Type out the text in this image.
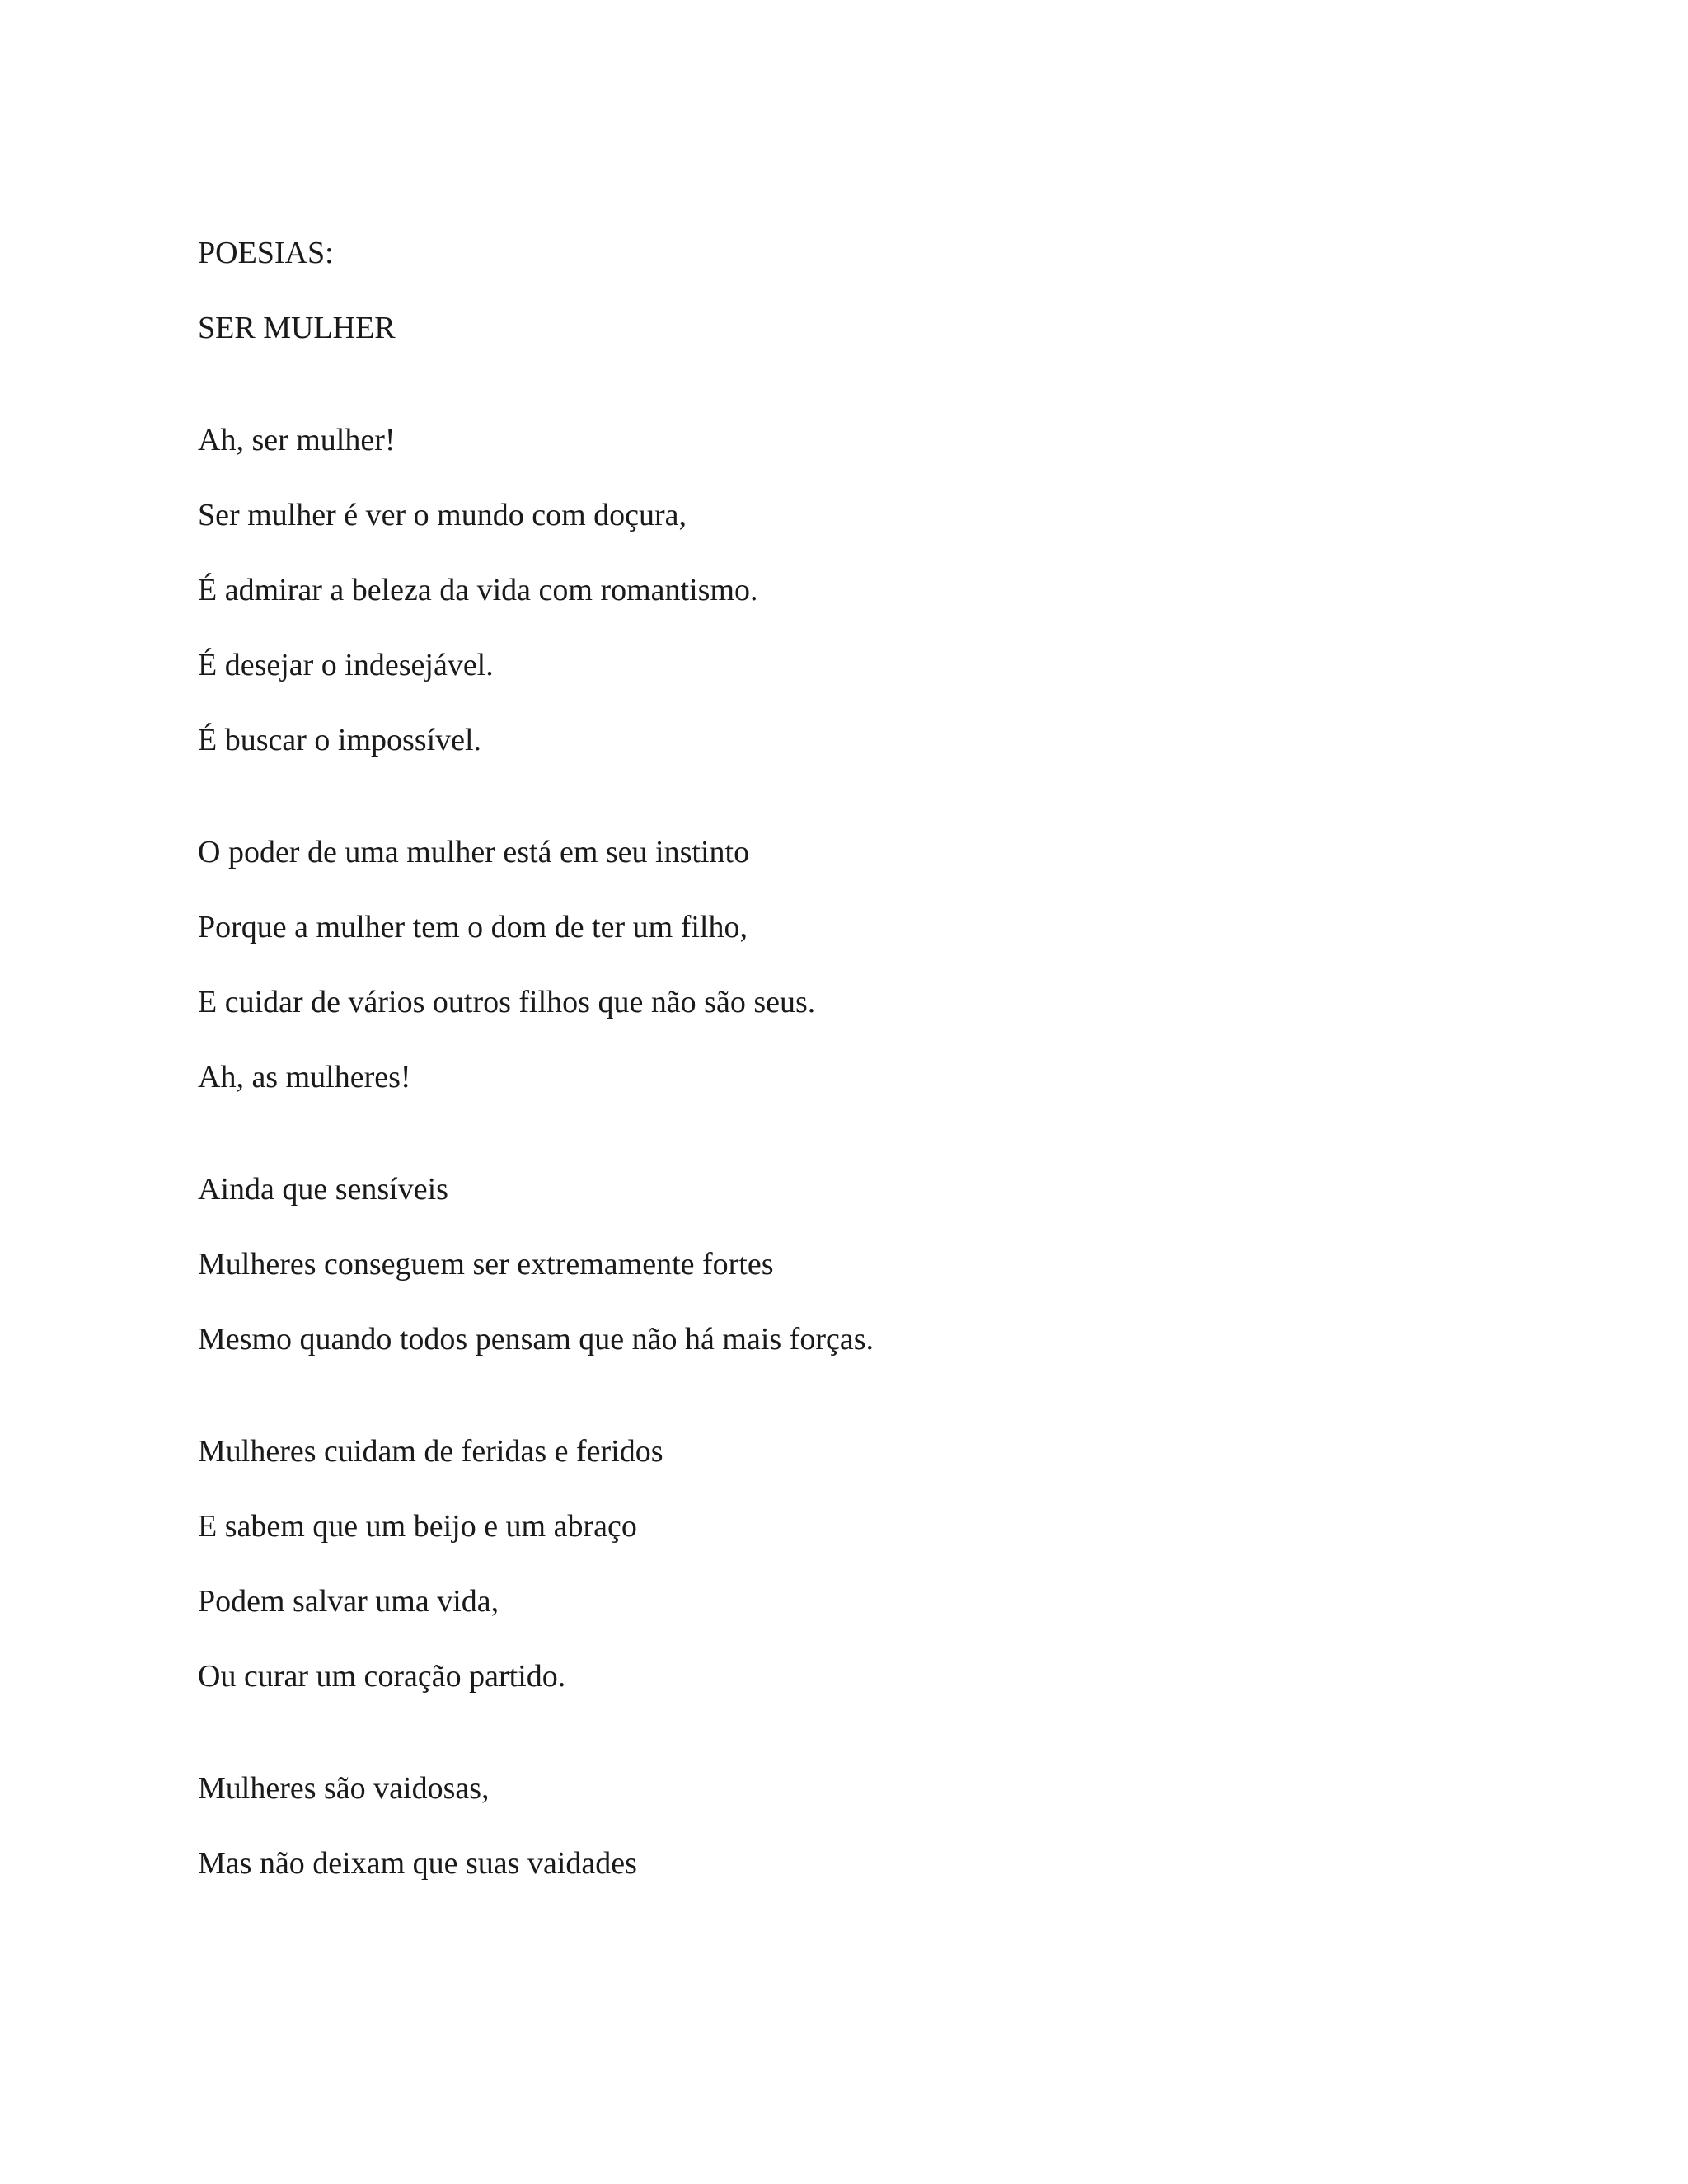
POESIAS:
SER MULHER

Ah, ser mulher!

Ser mulher é ver o mundo com doçura,

É admirar a beleza da vida com romantismo.

É desejar o indesejável.

É buscar o impossível.

O poder de uma mulher está em seu instinto

Porque a mulher tem o dom de ter um filho,

E cuidar de vários outros filhos que não são seus.

Ah, as mulheres!

Ainda que sensíveis

Mulheres conseguem ser extremamente fortes

Mesmo quando todos pensam que não há mais forças.

Mulheres cuidam de feridas e feridos

E sabem que um beijo e um abraço

Podem salvar uma vida,

Ou curar um coração partido.

Mulheres são vaidosas,

Mas não deixam que suas vaidades
